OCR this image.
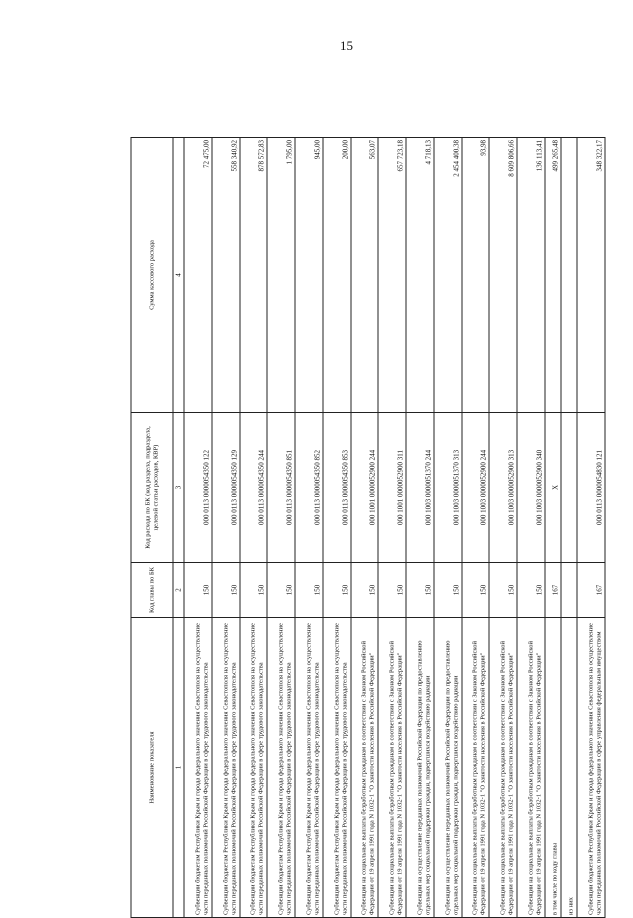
15
Наименование показателя	Код главы по БК	Код расхода по БК (код раздела, подраздела, целевой статьи расходов, КВР)	Сумма кассового расхода
1	2	3	4
Субвенции бюджетам Республики Крым и города федерального значения Севастополя на осуществление части переданных полномочий Российской Федерации в сфере трудового законодательства	150	000 0113 0000054350 122	72 475,00
Субвенции бюджетам Республики Крым и города федерального значения Севастополя на осуществление части переданных полномочий Российской Федерации в сфере трудового законодательства	150	000 0113 0000054350 129	558 340,92
Субвенции бюджетам Республики Крым и города федерального значения Севастополя на осуществление части переданных полномочий Российской Федерации в сфере трудового законодательства	150	000 0113 0000054350 244	878 572,83
Субвенции бюджетам Республики Крым и города федерального значения Севастополя на осуществление части переданных полномочий Российской Федерации в сфере трудового законодательства	150	000 0113 0000054350 851	1 795,00
Субвенции бюджетам Республики Крым и города федерального значения Севастополя на осуществление части переданных полномочий Российской Федерации в сфере трудового законодательства	150	000 0113 0000054350 852	945,00
Субвенции бюджетам Республики Крым и города федерального значения Севастополя на осуществление части переданных полномочий Российской Федерации в сфере трудового законодательства	150	000 0113 0000054350 853	200,00
Субвенции на социальные выплаты безработным гражданам в соответствии с Законом Российской Федерации от 19 апреля 1991 года N 1032-1 "О занятости населения в Российской Федерации"	150	000 1001 0000052900 244	563,07
Субвенции на социальные выплаты безработным гражданам в соответствии с Законом Российской Федерации от 19 апреля 1991 года N 1032-1 "О занятости населения в Российской Федерации"	150	000 1001 0000052900 311	657 723,18
Субвенции на осуществление переданных полномочий Российской Федерации по предоставлению отдельных мер социальной поддержки граждан, подвергшихся воздействию радиации	150	000 1003 0000051370 244	4 718,13
Субвенции на осуществление переданных полномочий Российской Федерации по предоставлению отдельных мер социальной поддержки граждан, подвергшихся воздействию радиации	150	000 1003 0000051370 313	2 454 400,38
Субвенции на социальные выплаты безработным гражданам в соответствии с Законом Российской Федерации от 19 апреля 1991 года N 1032-1 "О занятости населения в Российской Федерации"	150	000 1003 0000052900 244	93,98
Субвенции на социальные выплаты безработным гражданам в соответствии с Законом Российской Федерации от 19 апреля 1991 года N 1032-1 "О занятости населения в Российской Федерации"	150	000 1003 0000052900 313	8 609 806,66
Субвенции на социальные выплаты безработным гражданам в соответствии с Законом Российской Федерации от 19 апреля 1991 года N 1032-1 "О занятости населения в Российской Федерации"	150	000 1003 0000052900 340	136 113,41
в том числе по коду главы	167	X	499 265,48
из них			
Субвенции бюджетам Республики Крым и города федерального значения Севастополя на осуществление части переданных полномочий Российской Федерации в сфере управления федеральным имуществом	167	000 0113 0000054830 121	348 322,17
